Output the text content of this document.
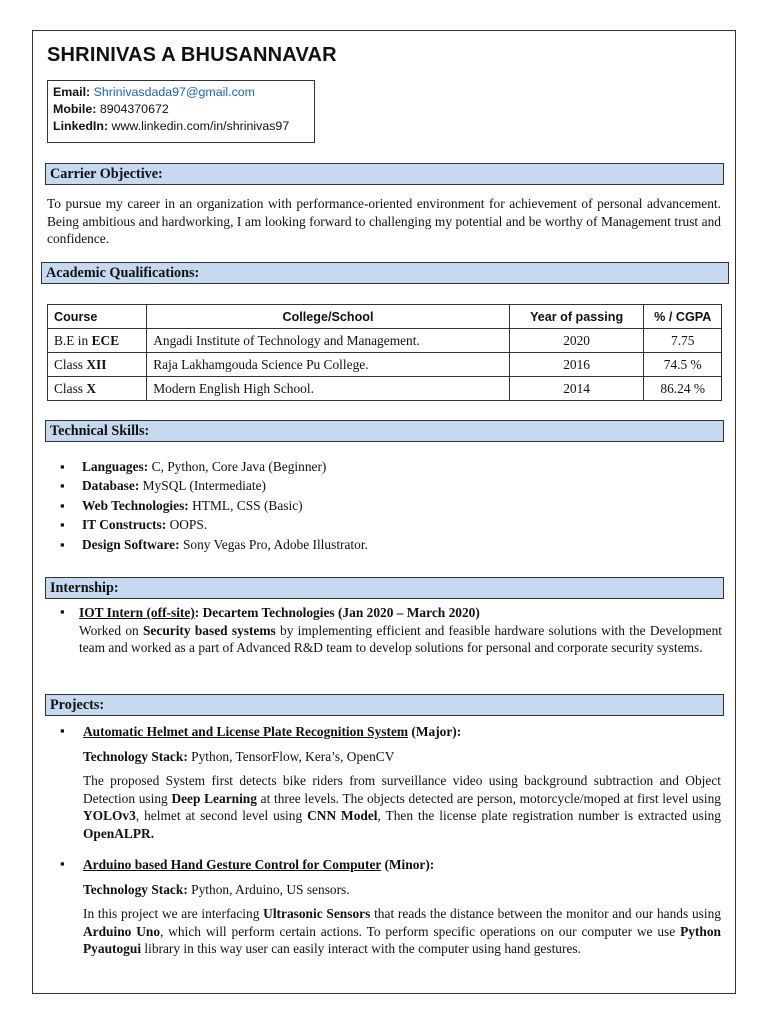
SHRINIVAS A BHUSANNAVAR
Email: Shrinivasdada97@gmail.com
Mobile: 8904370672
LinkedIn: www.linkedin.com/in/shrinivas97
Carrier Objective:
To pursue my career in an organization with performance-oriented environment for achievement of personal advancement. Being ambitious and hardworking, I am looking forward to challenging my potential and be worthy of Management trust and confidence.
Academic Qualifications:
Course	College/School	Year of passing	% / CGPA
B.E in ECE	Angadi Institute of Technology and Management.	2020	7.75
Class XII	Raja Lakhamgouda Science Pu College.	2016	74.5 %
Class X	Modern English High School.	2014	86.24 %
Technical Skills:
▪ Languages: C, Python, Core Java (Beginner)
▪ Database: MySQL (Intermediate)
▪ Web Technologies: HTML, CSS (Basic)
▪ IT Constructs: OOPS.
▪ Design Software: Sony Vegas Pro, Adobe Illustrator.
Internship:
▪ IOT Intern (off-site): Decartem Technologies (Jan 2020 – March 2020)
Worked on Security based systems by implementing efficient and feasible hardware solutions with the Development team and worked as a part of Advanced R&D team to develop solutions for personal and corporate security systems.
Projects:
▪ Automatic Helmet and License Plate Recognition System (Major):
Technology Stack: Python, TensorFlow, Kera’s, OpenCV
The proposed System first detects bike riders from surveillance video using background subtraction and Object Detection using Deep Learning at three levels. The objects detected are person, motorcycle/moped at first level using YOLOv3, helmet at second level using CNN Model, Then the license plate registration number is extracted using OpenALPR.
▪ Arduino based Hand Gesture Control for Computer (Minor):
Technology Stack: Python, Arduino, US sensors.
In this project we are interfacing Ultrasonic Sensors that reads the distance between the monitor and our hands using Arduino Uno, which will perform certain actions. To perform specific operations on our computer we use Python Pyautogui library in this way user can easily interact with the computer using hand gestures.
